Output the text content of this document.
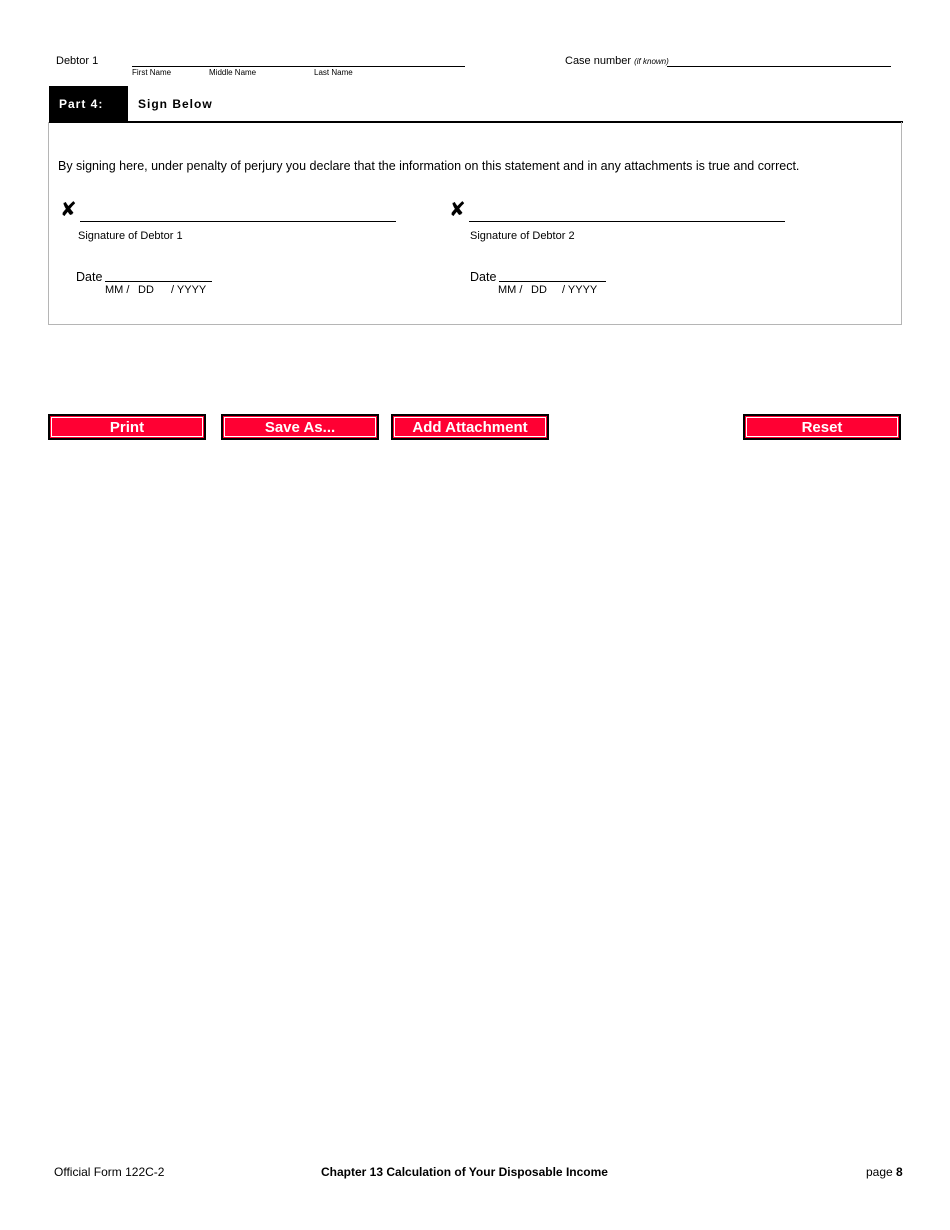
Debtor 1
First Name	Middle Name	Last Name
Case number (if known)
Part 4:	Sign Below
By signing here, under penalty of perjury you declare that the information on this statement and in any attachments is true and correct.
✘
Signature of Debtor 1
✘
Signature of Debtor 2
Date
MM / DD / YYYY
Date
MM / DD / YYYY
Print	Save As...	Add Attachment	Reset
Official Form 122C-2	Chapter 13 Calculation of Your Disposable Income	page 8
